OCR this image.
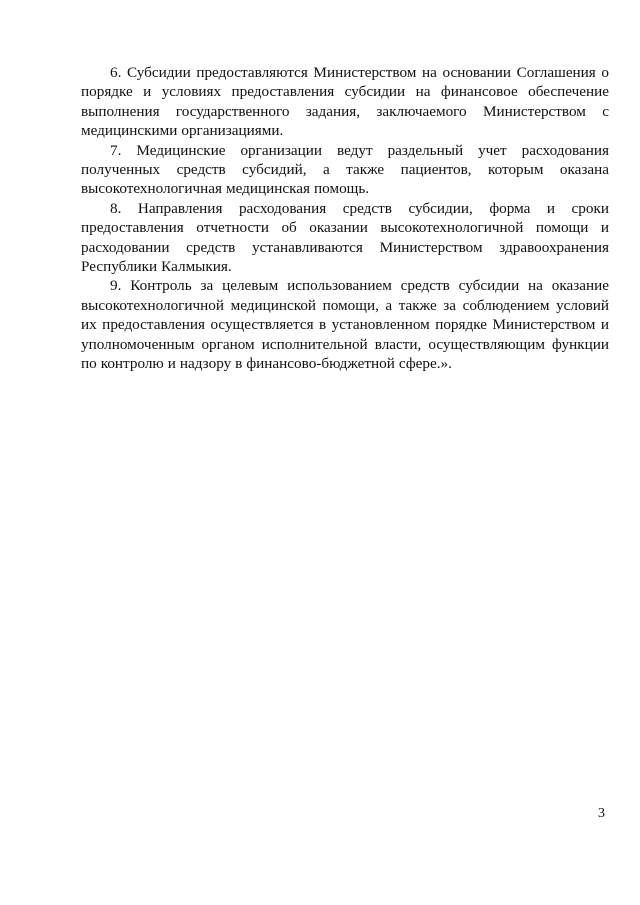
6. Субсидии предоставляются Министерством на основании Соглашения о порядке и условиях предоставления субсидии на финансовое обеспечение выполнения государственного задания, заключаемого Министерством с медицинскими организациями.

7. Медицинские организации ведут раздельный учет расходования полученных средств субсидий, а также пациентов, которым оказана высокотехнологичная медицинская помощь.

8. Направления расходования средств субсидии, форма и сроки предоставления отчетности об оказании высокотехнологичной помощи и расходовании средств устанавливаются Министерством здравоохранения Республики Калмыкия.

9. Контроль за целевым использованием средств субсидии на оказание высокотехнологичной медицинской помощи, а также за соблюдением условий их предоставления осуществляется в установленном порядке Министерством и уполномоченным органом исполнительной власти, осуществляющим функции по контролю и надзору в финансово-бюджетной сфере.».

3
